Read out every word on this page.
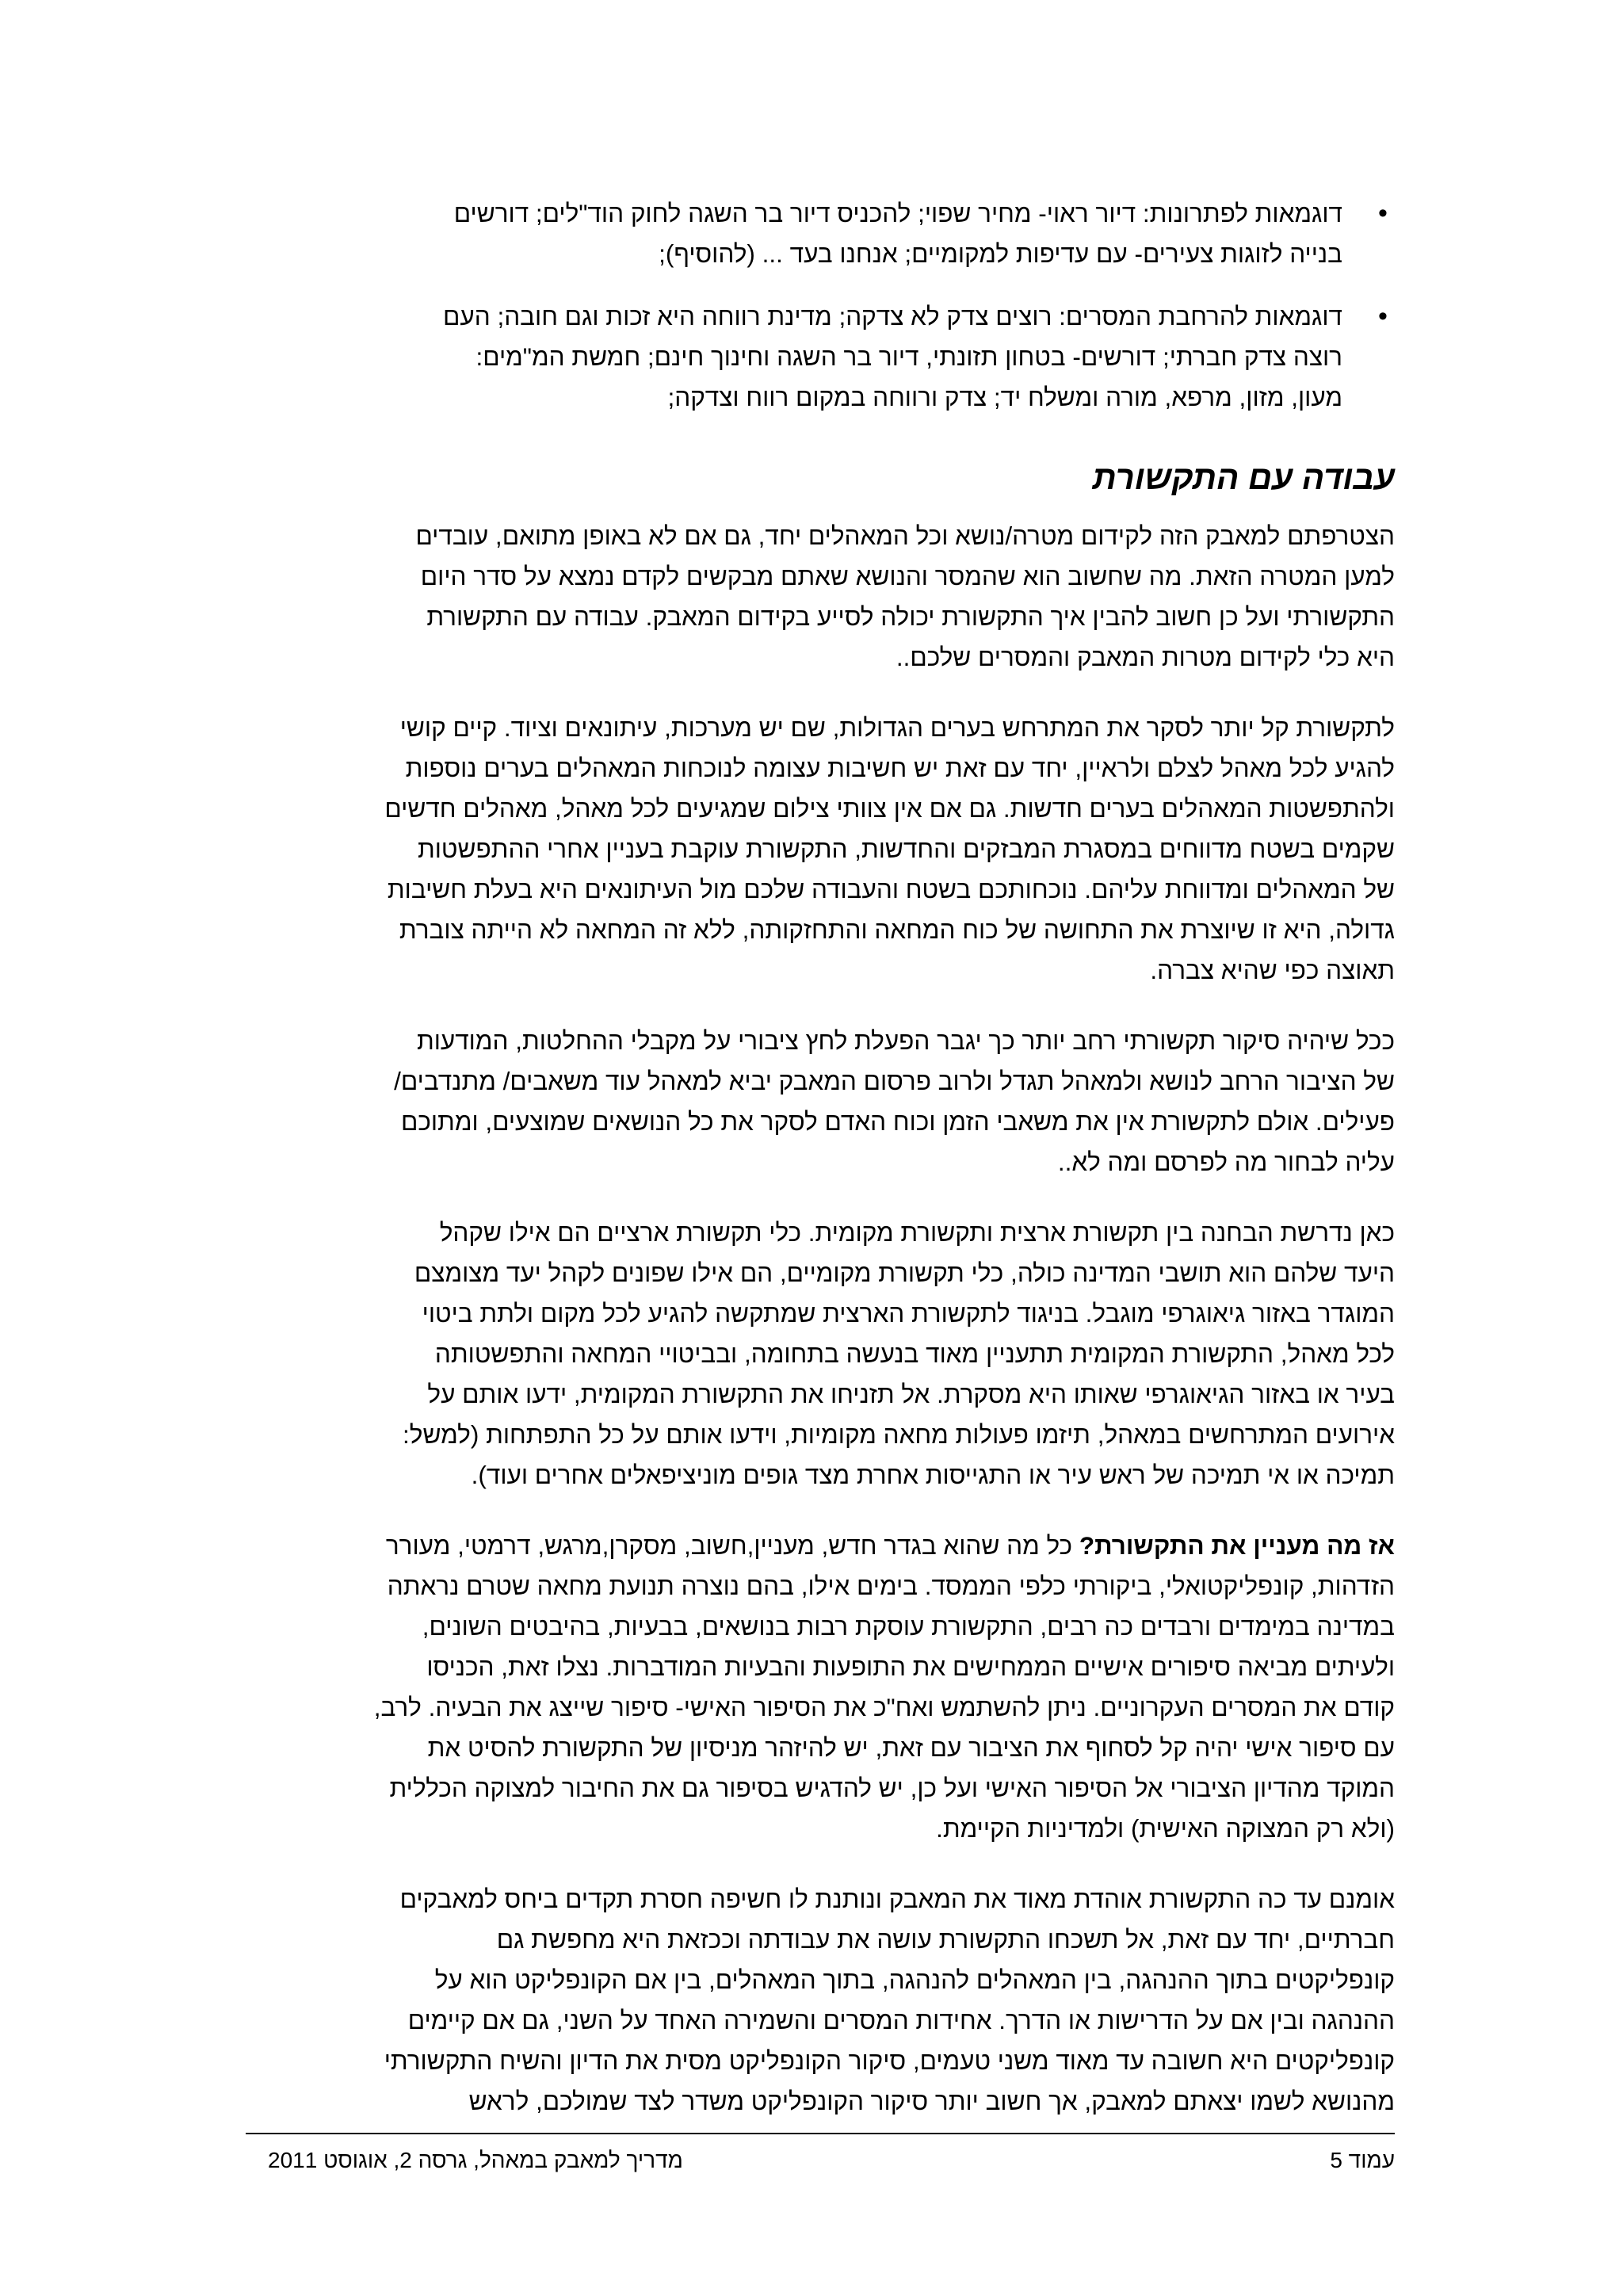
•
דוגמאות לפתרונות: דיור ראוי- מחיר שפוי; להכניס דיור בר השגה לחוק הוד"לים; דורשים
בנייה לזוגות צעירים- עם עדיפות למקומיים; אנחנו בעד ... (להוסיף);
•
דוגמאות להרחבת המסרים: רוצים צדק לא צדקה; מדינת רווחה היא זכות וגם חובה; העם
רוצה צדק חברתי; דורשים- בטחון תזונתי, דיור בר השגה וחינוך חינם; חמשת המ"מים:
מעון, מזון, מרפא, מורה ומשלח יד; צדק ורווחה במקום רווח וצדקה;
עבודה עם התקשורת

הצטרפתם למאבק הזה לקידום מטרה/נושא וכל המאהלים יחד, גם אם לא באופן מתואם, עובדים
למען המטרה הזאת. מה שחשוב הוא שהמסר והנושא שאתם מבקשים לקדם נמצא על סדר היום
התקשורתי ועל כן חשוב להבין איך התקשורת יכולה לסייע בקידום המאבק. עבודה עם התקשורת
היא כלי לקידום מטרות המאבק והמסרים שלכם..

לתקשורת קל יותר לסקר את המתרחש בערים הגדולות, שם יש מערכות, עיתונאים וציוד. קיים קושי
להגיע לכל מאהל לצלם ולראיין, יחד עם זאת יש חשיבות עצומה לנוכחות המאהלים בערים נוספות
ולהתפשטות המאהלים בערים חדשות. גם אם אין צוותי צילום שמגיעים לכל מאהל, מאהלים חדשים
שקמים בשטח מדווחים במסגרת המבזקים והחדשות, התקשורת עוקבת בעניין אחרי ההתפשטות
של המאהלים ומדווחת עליהם. נוכחותכם בשטח והעבודה שלכם מול העיתונאים היא בעלת חשיבות
גדולה, היא זו שיוצרת את התחושה של כוח המחאה והתחזקותה, ללא זה המחאה לא הייתה צוברת
תאוצה כפי שהיא צברה.

ככל שיהיה סיקור תקשורתי רחב יותר כך יגבר הפעלת לחץ ציבורי על מקבלי ההחלטות, המודעות
של הציבור הרחב לנושא ולמאהל תגדל ולרוב פרסום המאבק יביא למאהל עוד משאבים/ מתנדבים/
פעילים. אולם לתקשורת אין את משאבי הזמן וכוח האדם לסקר את כל הנושאים שמוצעים, ומתוכם
עליה לבחור מה לפרסם ומה לא..

כאן נדרשת הבחנה בין תקשורת ארצית ותקשורת מקומית. כלי תקשורת ארציים הם אילו שקהל
היעד שלהם הוא תושבי המדינה כולה, כלי תקשורת מקומיים, הם אילו שפונים לקהל יעד מצומצם
המוגדר באזור גיאוגרפי מוגבל. בניגוד לתקשורת הארצית שמתקשה להגיע לכל מקום ולתת ביטוי
לכל מאהל, התקשורת המקומית תתעניין מאוד בנעשה בתחומה, ובביטויי המחאה והתפשטותה
בעיר או באזור הגיאוגרפי שאותו היא מסקרת. אל תזניחו את התקשורת המקומית, ידעו אותם על
אירועים המתרחשים במאהל, תיזמו פעולות מחאה מקומיות, וידעו אותם על כל התפתחות (למשל:
תמיכה או אי תמיכה של ראש עיר או התגייסות אחרת מצד גופים מוניציפאלים אחרים ועוד).

אז מה מעניין את התקשורת? כל מה שהוא בגדר חדש, מעניין,חשוב, מסקרן,מרגש, דרמטי, מעורר
הזדהות, קונפליקטואלי, ביקורתי כלפי הממסד. בימים אילו, בהם נוצרה תנועת מחאה שטרם נראתה
במדינה במימדים ורבדים כה רבים, התקשורת עוסקת רבות בנושאים, בבעיות, בהיבטים השונים,
ולעיתים מביאה סיפורים אישיים הממחישים את התופעות והבעיות המודברות. נצלו זאת, הכניסו
קודם את המסרים העקרוניים. ניתן להשתמש ואח"כ את הסיפור האישי- סיפור שייצג את הבעיה. לרב,
עם סיפור אישי יהיה קל לסחוף את הציבור עם זאת, יש להיזהר מניסיון של התקשורת להסיט את
המוקד מהדיון הציבורי אל הסיפור האישי ועל כן, יש להדגיש בסיפור גם את החיבור למצוקה הכללית
(ולא רק המצוקה האישית) ולמדיניות הקיימת.

אומנם עד כה התקשורת אוהדת מאוד את המאבק ונותנת לו חשיפה חסרת תקדים ביחס למאבקים
חברתיים, יחד עם זאת, אל תשכחו התקשורת עושה את עבודתה וככזאת היא מחפשת גם
קונפליקטים בתוך ההנהגה, בין המאהלים להנהגה, בתוך המאהלים, בין אם הקונפליקט הוא על
ההנהגה ובין אם על הדרישות או הדרך. אחידות המסרים והשמירה האחד על השני, גם אם קיימים
קונפליקטים היא חשובה עד מאוד משני טעמים, סיקור הקונפליקט מסית את הדיון והשיח התקשורתי
מהנושא לשמו יצאתם למאבק, אך חשוב יותר סיקור הקונפליקט משדר לצד שמולכם, לראש

עמוד 5
מדריך למאבק במאהל, גרסה 2, אוגוסט 2011
